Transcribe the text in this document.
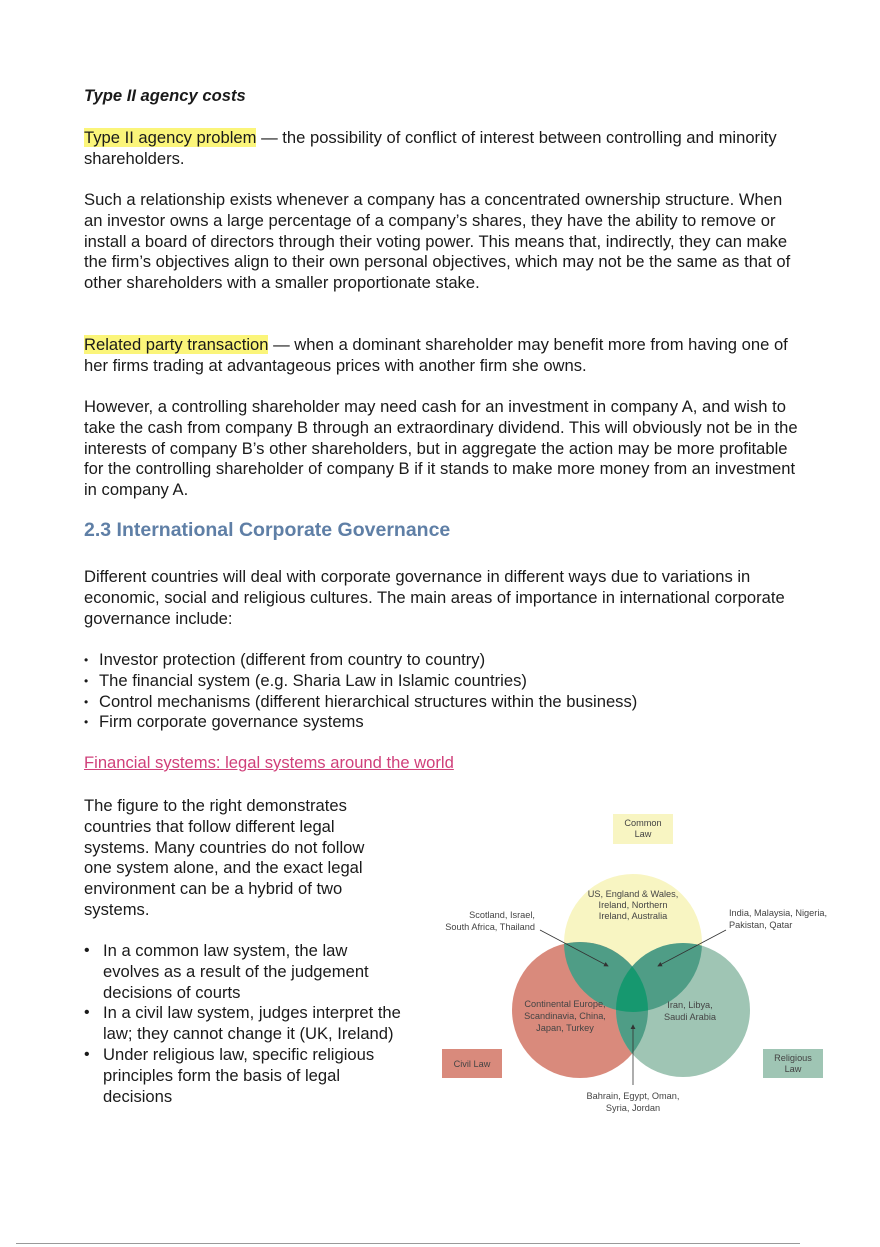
Type II agency costs

Type II agency problem — the possibility of conflict of interest between controlling and minority shareholders.

Such a relationship exists whenever a company has a concentrated ownership structure. When an investor owns a large percentage of a company’s shares, they have the ability to remove or install a board of directors through their voting power. This means that, indirectly, they can make the firm’s objectives align to their own personal objectives, which may not be the same as that of other shareholders with a smaller proportionate stake.

Related party transaction — when a dominant shareholder may benefit more from having one of her firms trading at advantageous prices with another firm she owns.

However, a controlling shareholder may need cash for an investment in company A, and wish to take the cash from company B through an extraordinary dividend. This will obviously not be in the interests of company B’s other shareholders, but in aggregate the action may be more profitable for the controlling shareholder of company B if it stands to make more money from an investment in company A.

2.3 International Corporate Governance

Different countries will deal with corporate governance in different ways due to variations in economic, social and religious cultures. The main areas of importance in international corporate governance include:

• Investor protection (different from country to country)
• The financial system (e.g. Sharia Law in Islamic countries)
• Control mechanisms (different hierarchical structures within the business)
• Firm corporate governance systems
Financial systems: legal systems around the world

The figure to the right demonstrates countries that follow different legal systems. Many countries do not follow one system alone, and the exact legal environment can be a hybrid of two systems.

• In a common law system, the law evolves as a result of the judgement decisions of courts
• In a civil law system, judges interpret the law; they cannot change it (UK, Ireland)
• Under religious law, specific religious principles form the basis of legal decisions
Common
Law
Civil Law
Religious
Law
US, England & Wales,
Ireland, Northern
Ireland, Australia
Continental Europe,
Scandinavia, China,
Japan, Turkey
Iran, Libya,
Saudi Arabia
Scotland, Israel,
South Africa, Thailand
India, Malaysia, Nigeria,
Pakistan, Qatar
Bahrain, Egypt, Oman,
Syria, Jordan
